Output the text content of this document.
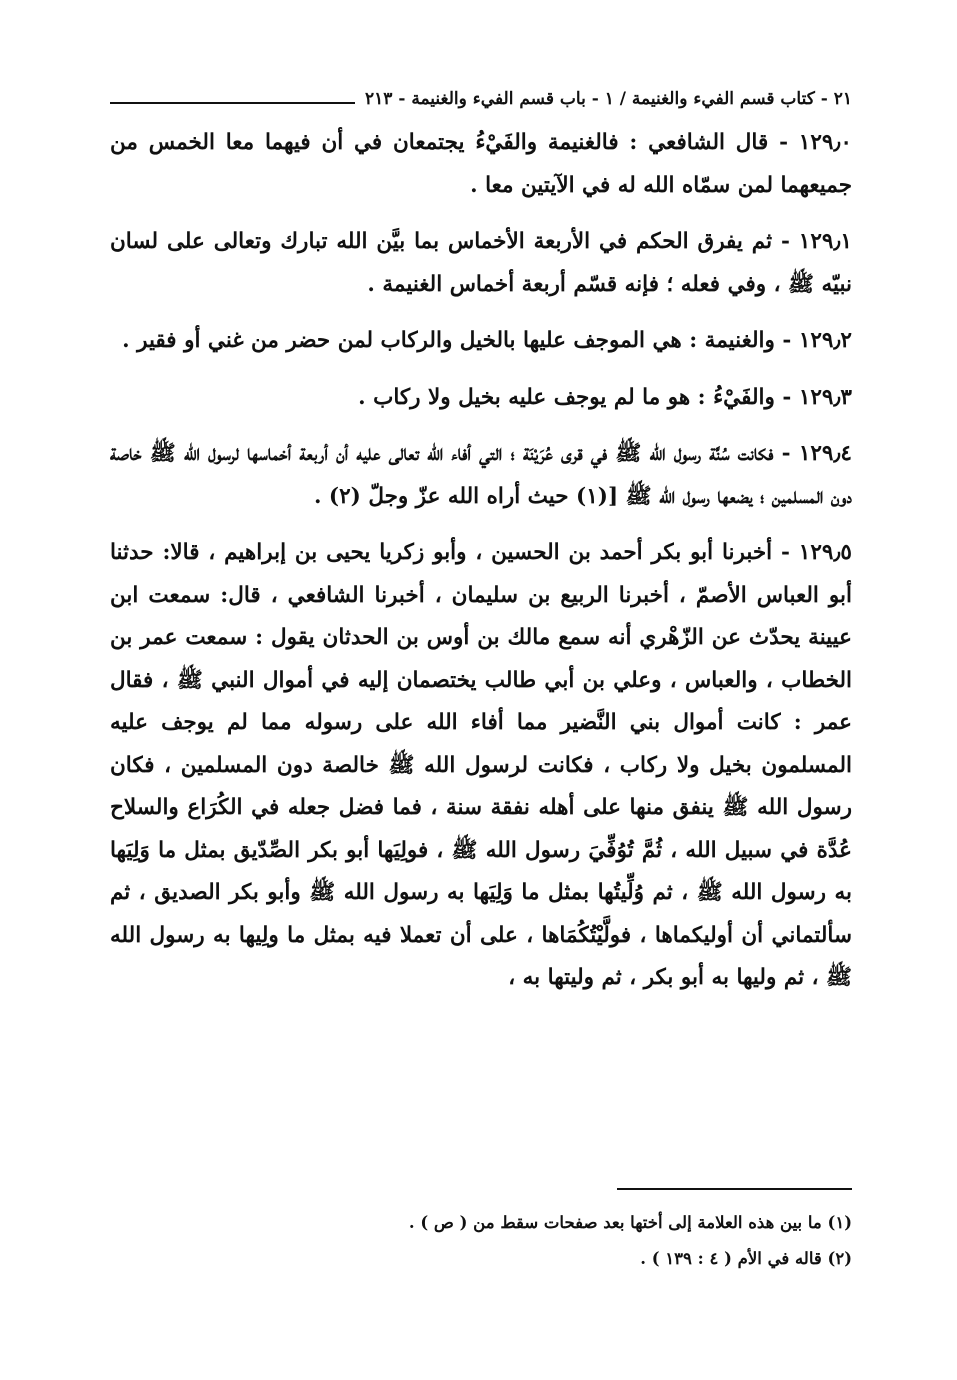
٢١ - كتاب قسم الفيء والغنيمة / ١ - باب قسم الفيء والغنيمة - ٢١٣

١٢٩٫٠ - قال الشافعي : فالغنيمة والفَيْءُ يجتمعان في أن فيهما معا الخمس من جميعهما لمن سمّاه الله له في الآيتين معا .

١٢٩٫١ - ثم يفرق الحكم في الأربعة الأخماس بما بيَّن الله تبارك وتعالى على لسان نبيّه ﷺ ، وفي فعله ؛ فإنه قسّم أربعة أخماس الغنيمة .

١٢٩٫٢ - والغنيمة : هي الموجف عليها بالخيل والركاب لمن حضر من غني أو فقير .

١٢٩٫٣ - والفَيْءُ : هو ما لم يوجف عليه بخيل ولا ركاب .

١٢٩٫٤ - فكانت سُنَّة رسول الله ﷺ في قرى عُرَيْنَة ؛ التي أفاء الله تعالى عليه أن أربعة أخماسها لرسول الله ﷺ خاصة دون المسلمين ؛ يضعها رسول الله ﷺ [(١) حيث أراه الله عزّ وجلّ (٢) .

١٢٩٫٥ - أخبرنا أبو بكر أحمد بن الحسين ، وأبو زكريا يحيى بن إبراهيم ، قالا: حدثنا أبو العباس الأصمّ ، أخبرنا الربيع بن سليمان ، أخبرنا الشافعي ، قال: سمعت ابن عيينة يحدّث عن الزّهْري أنه سمع مالك بن أوس بن الحدثان يقول : سمعت عمر بن الخطاب ، والعباس ، وعلي بن أبي طالب يختصمان إليه في أموال النبي ﷺ ، فقال عمر : كانت أموال بني النَّضير مما أفاء الله على رسوله مما لم يوجف عليه المسلمون بخيل ولا ركاب ، فكانت لرسول الله ﷺ خالصة دون المسلمين ، فكان رسول الله ﷺ ينفق منها على أهله نفقة سنة ، فما فضل جعله في الكُرَاع والسلاح عُدَّة في سبيل الله ، ثُمَّ تُوُفِّيَ رسول الله ﷺ ، فولِيَها أبو بكر الصِّدّيق بمثل ما وَلِيَها به رسول الله ﷺ ، ثم وُلِّيتُها بمثل ما وَلِيَها به رسول الله ﷺ وأبو بكر الصديق ، ثم سألتماني أن أوليكماها ، فولَّيْتُكُمَاها ، على أن تعملا فيه بمثل ما ولِيها به رسول الله ﷺ ، ثم وليها به أبو بكر ، ثم وليتها به ،

(١) ما بين هذه العلامة إلى أختها بعد صفحات سقط من ( ص ) .

(٢) قاله في الأم ( ٤ : ١٣٩ ) .
